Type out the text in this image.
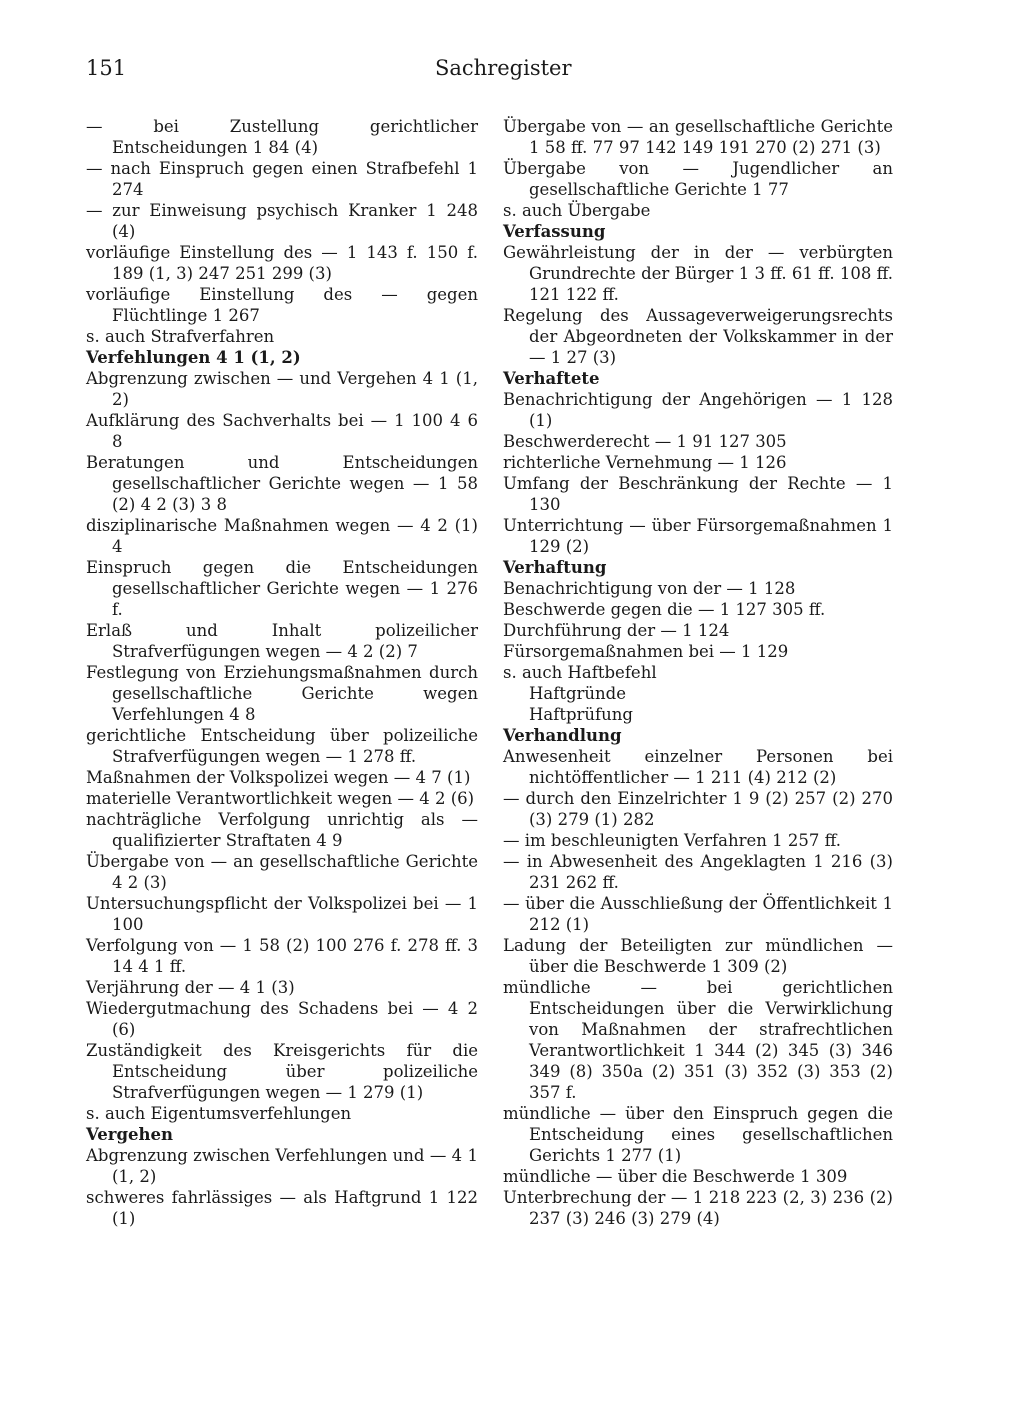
151	Sachregister
— bei Zustellung gerichtlicher Entscheidungen 1 84 (4)
— nach Einspruch gegen einen Strafbefehl 1 274
— zur Einweisung psychisch Kranker 1 248 (4)
vorläufige Einstellung des — 1 143 f. 150 f. 189 (1, 3) 247 251 299 (3)
vorläufige Einstellung des — gegen Flüchtlinge 1 267
s. auch Strafverfahren
Verfehlungen 4 1 (1, 2)
Abgrenzung zwischen — und Vergehen 4 1 (1, 2)
Aufklärung des Sachverhalts bei — 1 100 4 6 8
Beratungen und Entscheidungen gesellschaftlicher Gerichte wegen — 1 58 (2) 4 2 (3) 3 8
disziplinarische Maßnahmen wegen — 4 2 (1) 4
Einspruch gegen die Entscheidungen gesellschaftlicher Gerichte wegen — 1 276 f.
Erlaß und Inhalt polizeilicher Strafverfügungen wegen — 4 2 (2) 7
Festlegung von Erziehungsmaßnahmen durch gesellschaftliche Gerichte wegen Verfehlungen 4 8
gerichtliche Entscheidung über polizeiliche Strafverfügungen wegen — 1 278 ff.
Maßnahmen der Volkspolizei wegen — 4 7 (1)
materielle Verantwortlichkeit wegen — 4 2 (6)
nachträgliche Verfolgung unrichtig als — qualifizierter Straftaten 4 9
Übergabe von — an gesellschaftliche Gerichte 4 2 (3)
Untersuchungspflicht der Volkspolizei bei — 1 100
Verfolgung von — 1 58 (2) 100 276 f. 278 ff. 3 14 4 1 ff.
Verjährung der — 4 1 (3)
Wiedergutmachung des Schadens bei — 4 2 (6)
Zuständigkeit des Kreisgerichts für die Entscheidung über polizeiliche Strafverfügungen wegen — 1 279 (1)
s. auch Eigentumsverfehlungen
Vergehen
Abgrenzung zwischen Verfehlungen und — 4 1 (1, 2)
schweres fahrlässiges — als Haftgrund 1 122 (1)
Übergabe von — an gesellschaftliche Gerichte 1 58 ff. 77 97 142 149 191 270 (2) 271 (3)
Übergabe von — Jugendlicher an gesellschaftliche Gerichte 1 77
s. auch Übergabe
Verfassung
Gewährleistung der in der — verbürgten Grundrechte der Bürger 1 3 ff. 61 ff. 108 ff. 121 122 ff.
Regelung des Aussageverweigerungsrechts der Abgeordneten der Volkskammer in der — 1 27 (3)
Verhaftete
Benachrichtigung der Angehörigen — 1 128 (1)
Beschwerderecht — 1 91 127 305
richterliche Vernehmung — 1 126
Umfang der Beschränkung der Rechte — 1 130
Unterrichtung — über Fürsorgemaßnahmen 1 129 (2)
Verhaftung
Benachrichtigung von der — 1 128
Beschwerde gegen die — 1 127 305 ff.
Durchführung der — 1 124
Fürsorgemaßnahmen bei — 1 129
s. auch Haftbefehl
Haftgründe
Haftprüfung
Verhandlung
Anwesenheit einzelner Personen bei nichtöffentlicher — 1 211 (4) 212 (2)
— durch den Einzelrichter 1 9 (2) 257 (2) 270 (3) 279 (1) 282
— im beschleunigten Verfahren 1 257 ff.
— in Abwesenheit des Angeklagten 1 216 (3) 231 262 ff.
— über die Ausschließung der Öffentlichkeit 1 212 (1)
Ladung der Beteiligten zur mündlichen — über die Beschwerde 1 309 (2)
mündliche — bei gerichtlichen Entscheidungen über die Verwirklichung von Maßnahmen der strafrechtlichen Verantwortlichkeit 1 344 (2) 345 (3) 346 349 (8) 350a (2) 351 (3) 352 (3) 353 (2) 357 f.
mündliche — über den Einspruch gegen die Entscheidung eines gesellschaftlichen Gerichts 1 277 (1)
mündliche — über die Beschwerde 1 309
Unterbrechung der — 1 218 223 (2, 3) 236 (2) 237 (3) 246 (3) 279 (4)
